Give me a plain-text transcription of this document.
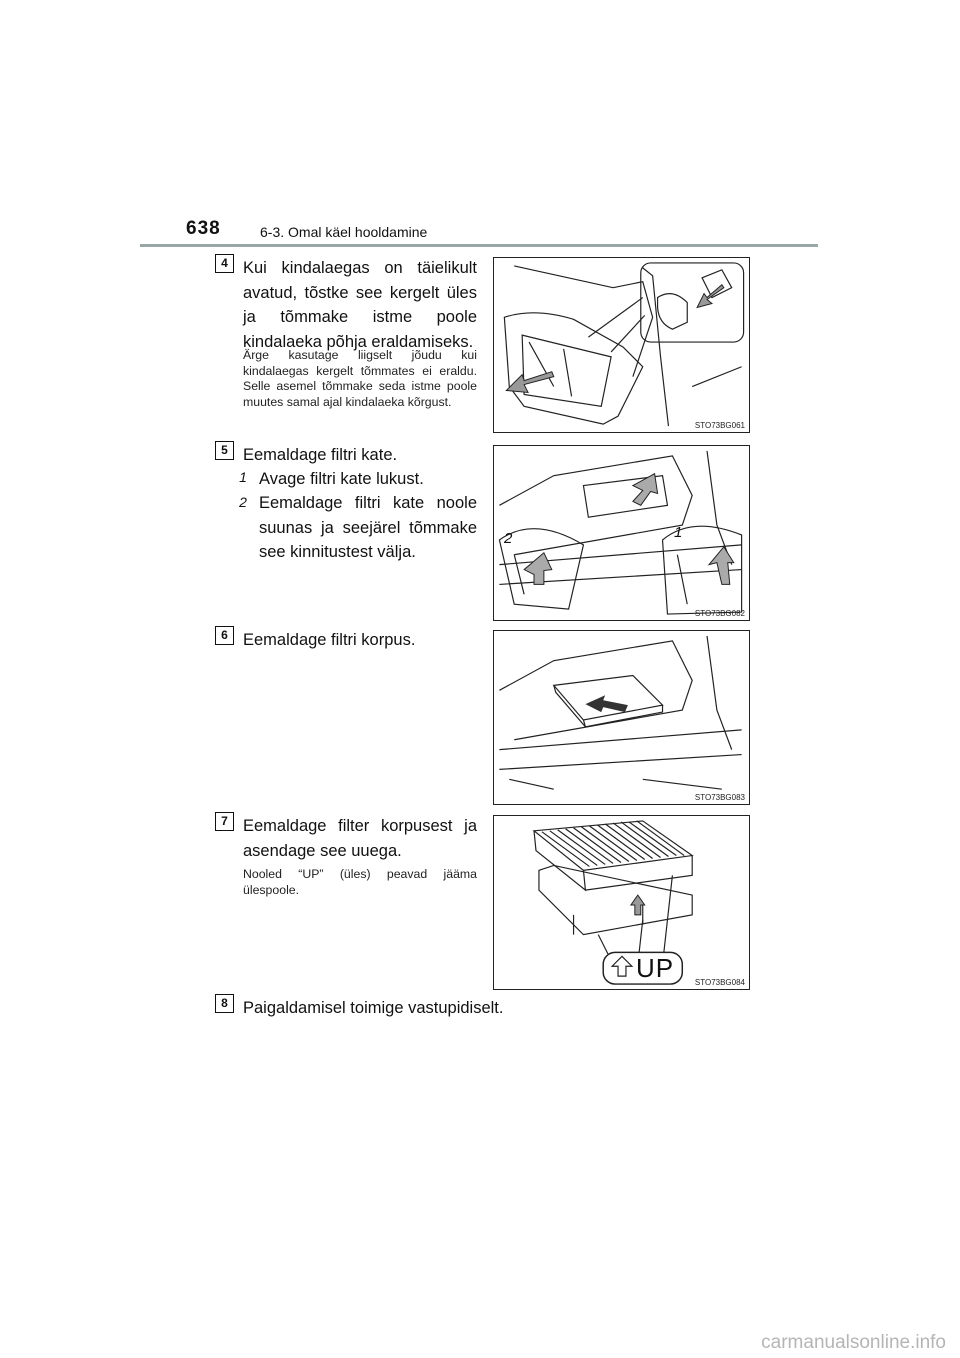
638	6-3. Omal käel hooldamine
4 Kui kindalaegas on täielikult avatud, tõstke see kergelt üles ja tõmmake istme poole kindalaeka põhja eraldamiseks.
Ärge kasutage liigselt jõudu kui kindalaegas kergelt tõmmates ei eraldu. Selle asemel tõmmake seda istme poole muutes samal ajal kindalaeka kõrgust.
STO73BG061
5 Eemaldage filtri kate.
1 Avage filtri kate lukust.
2 Eemaldage filtri kate noole suunas ja seejärel tõmmake see kinnitustest välja.
2	1
STO73BG082
6 Eemaldage filtri korpus.
STO73BG083
7 Eemaldage filter korpusest ja asendage see uuega.
Nooled “UP” (üles) peavad jääma ülespoole.
UP	STO73BG084
8 Paigaldamisel toimige vastupidiselt.
carmanualsonline.info
